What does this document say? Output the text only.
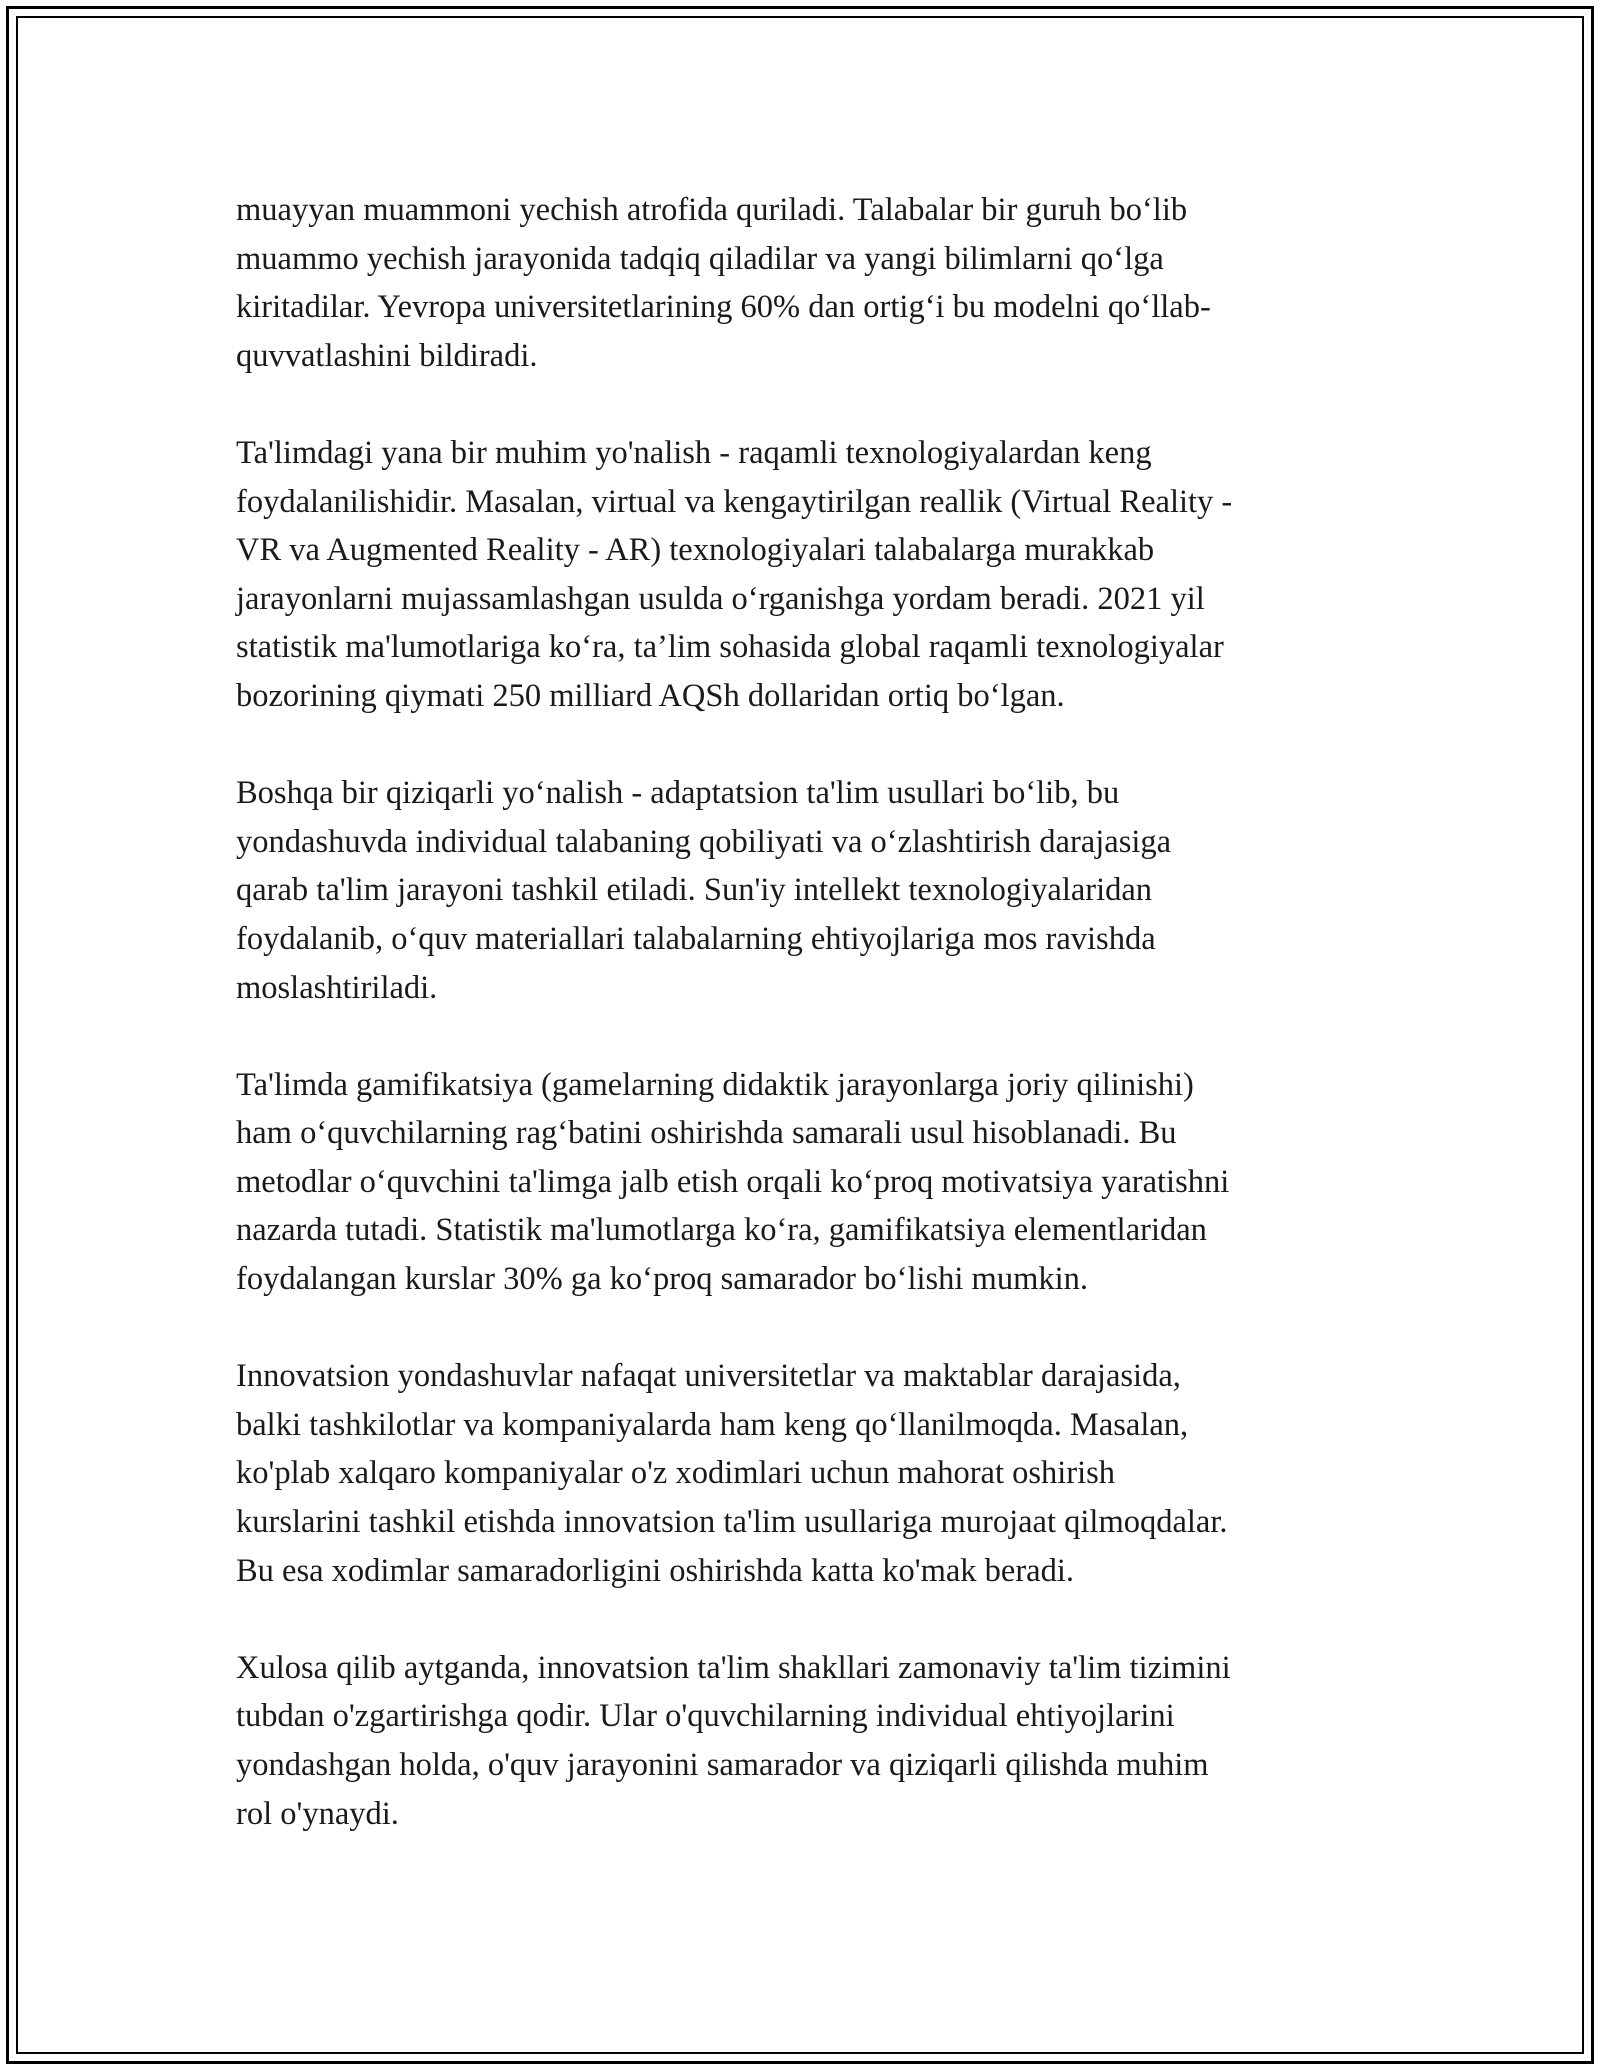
muayyan muammoni yechish atrofida quriladi. Talabalar bir guruh bo‘lib
muammo yechish jarayonida tadqiq qiladilar va yangi bilimlarni qo‘lga
kiritadilar. Yevropa universitetlarining 60% dan ortig‘i bu modelni qo‘llab-
quvvatlashini bildiradi.

Ta'limdagi yana bir muhim yo'nalish - raqamli texnologiyalardan keng
foydalanilishidir. Masalan, virtual va kengaytirilgan reallik (Virtual Reality -
VR va Augmented Reality - AR) texnologiyalari talabalarga murakkab
jarayonlarni mujassamlashgan usulda o‘rganishga yordam beradi. 2021 yil
statistik ma'lumotlariga ko‘ra, ta’lim sohasida global raqamli texnologiyalar
bozorining qiymati 250 milliard AQSh dollaridan ortiq bo‘lgan.

Boshqa bir qiziqarli yo‘nalish - adaptatsion ta'lim usullari bo‘lib, bu
yondashuvda individual talabaning qobiliyati va o‘zlashtirish darajasiga
qarab ta'lim jarayoni tashkil etiladi. Sun'iy intellekt texnologiyalaridan
foydalanib, o‘quv materiallari talabalarning ehtiyojlariga mos ravishda
moslashtiriladi.

Ta'limda gamifikatsiya (gamelarning didaktik jarayonlarga joriy qilinishi)
ham o‘quvchilarning rag‘batini oshirishda samarali usul hisoblanadi. Bu
metodlar o‘quvchini ta'limga jalb etish orqali ko‘proq motivatsiya yaratishni
nazarda tutadi. Statistik ma'lumotlarga ko‘ra, gamifikatsiya elementlaridan
foydalangan kurslar 30% ga ko‘proq samarador bo‘lishi mumkin.

Innovatsion yondashuvlar nafaqat universitetlar va maktablar darajasida,
balki tashkilotlar va kompaniyalarda ham keng qo‘llanilmoqda. Masalan,
ko'plab xalqaro kompaniyalar o'z xodimlari uchun mahorat oshirish
kurslarini tashkil etishda innovatsion ta'lim usullariga murojaat qilmoqdalar.
Bu esa xodimlar samaradorligini oshirishda katta ko'mak beradi.

Xulosa qilib aytganda, innovatsion ta'lim shakllari zamonaviy ta'lim tizimini
tubdan o'zgartirishga qodir. Ular o'quvchilarning individual ehtiyojlarini
yondashgan holda, o'quv jarayonini samarador va qiziqarli qilishda muhim
rol o'ynaydi.
